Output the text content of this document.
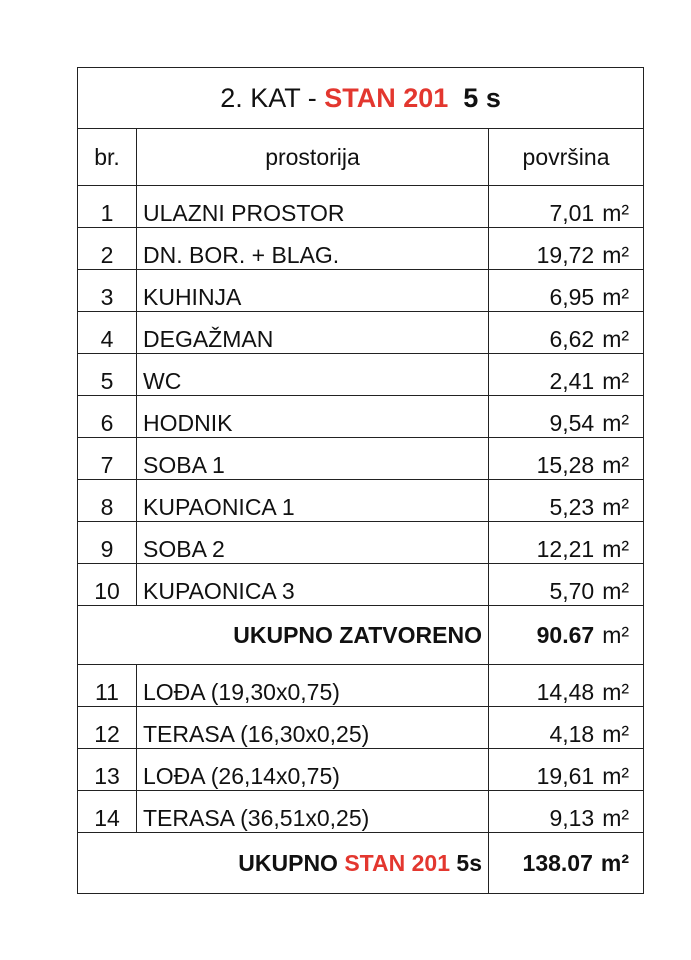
2. KAT - STAN 201 5 s		
br.	prostorija	površina
1	ULAZNI PROSTOR	7,01 m²
2	DN. BOR. + BLAG.	19,72 m²
3	KUHINJA	6,95 m²
4	DEGAŽMAN	6,62 m²
5	WC	2,41 m²
6	HODNIK	9,54 m²
7	SOBA 1	15,28 m²
8	KUPAONICA 1	5,23 m²
9	SOBA 2	12,21 m²
10	KUPAONICA 3	5,70 m²
UKUPNO ZATVORENO		90.67 m²
11	LOĐA (19,30x0,75)	14,48 m²
12	TERASA (16,30x0,25)	4,18 m²
13	LOĐA (26,14x0,75)	19,61 m²
14	TERASA (36,51x0,25)	9,13 m²
UKUPNO STAN 201 5s		138.07 m²
